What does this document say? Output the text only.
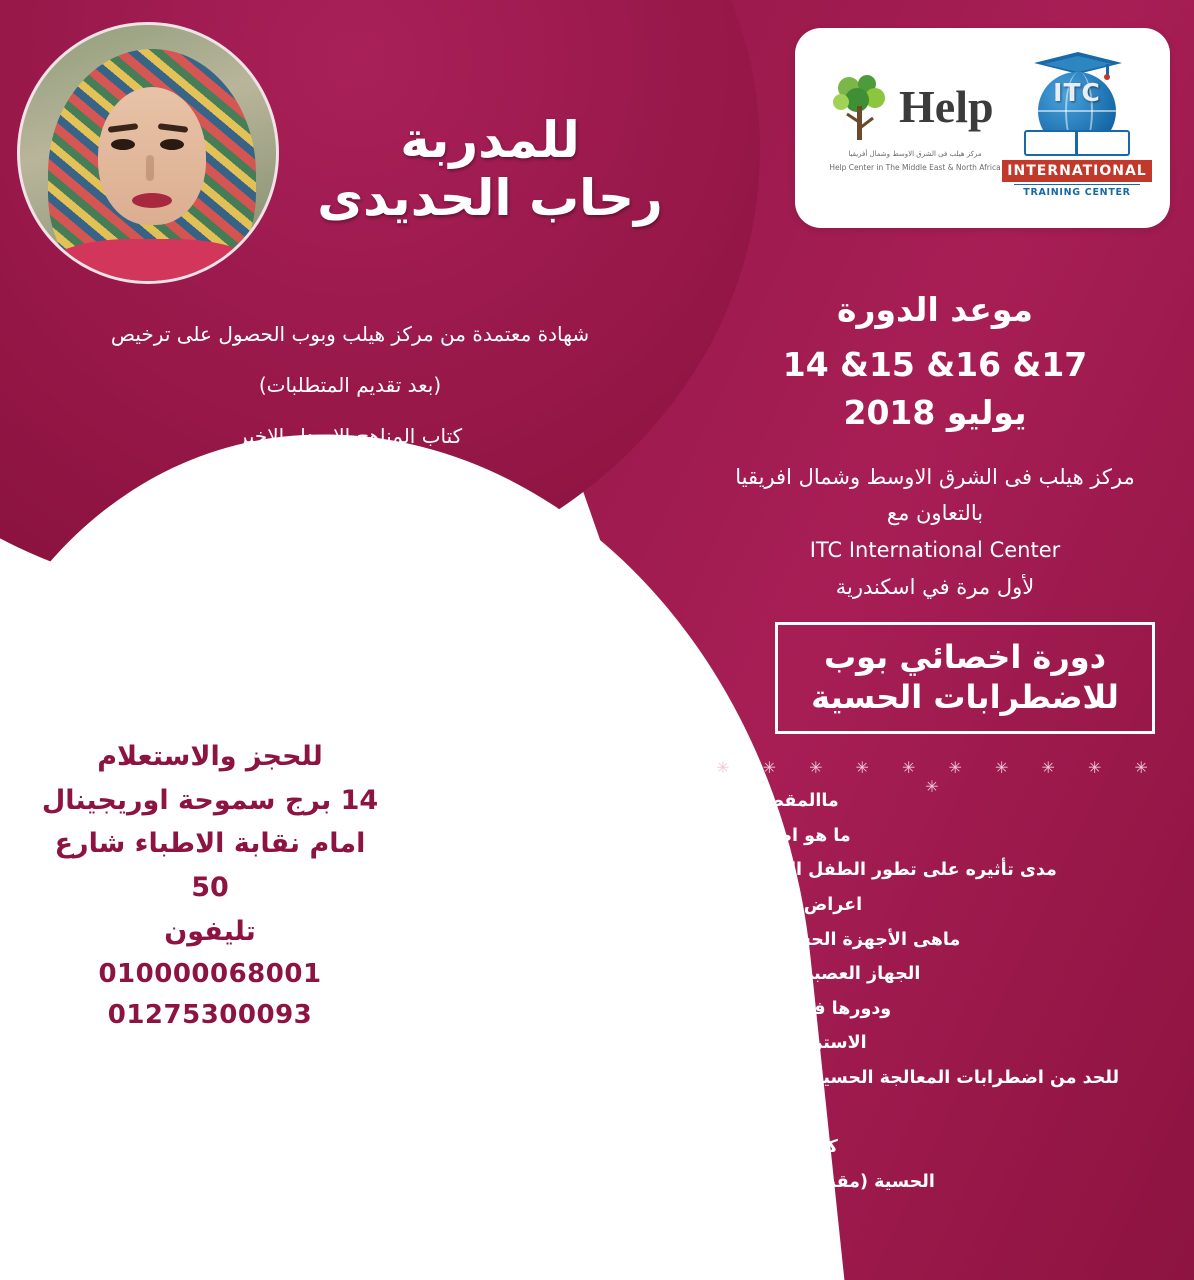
للمدربة
رحاب الحديدى
شهادة معتمدة من مركز هيلب وبوب الحصول على ترخيص
(بعد تقديم المتطلبات)
كتاب المناهج الاصدار الاخير
اعتمادات برسوم اضافية
شهادة من مركز مرخص من وزارة التعليم
للحجز والاستعلام
14 برج سموحة اوريجينال
امام نقابة الاطباء شارع 50
تليفون
010000068001
01275300093
Help
مركز هيلب فى الشرق الاوسط وشمال أفريقيا
Help Center in The Middle East & North Africa
ITC
INTERNATIONAL
TRAINING CENTER
موعد الدورة
14 &15 &16 &17
يوليو 2018
مركز هيلب فى الشرق الاوسط وشمال افريقيا
بالتعاون مع
ITC International Center
لأول مرة في اسكندرية
دورة اخصائي بوب
للاضطرابات الحسية
✳ ✳ ✳ ✳ ✳ ✳ ✳ ✳ ✳ ✳ ✳
ماالمقصود بالاضطرابات الحسية
❖
ما هو اضطراب المعالجات الحسية
❖
مدى تأثيره على تطور الطفل السلوكى واللغوى والمهارى
❖
اعراض اضطرابات المعالجة الحسية
❖
ماهى الأجهزة الحسية - ونتائج الخلل بمعالجتها
❖
الجهاز العصبى المركزى والنواقل العصبية
❖
ودورها فى اضطراب المعالجات الحسية

الاستراتيجيات والبروتوكلات المتبعة
❖
للحد من اضطرابات المعالجة الحسية - والانشطة اليومية المساعدة

اسس تعديل البيئة المحيطة
❖
كيفية تقييم اضطرابات المعالجة
❖
الحسية (مقياس بوب) وضع الخطة - التقارير
